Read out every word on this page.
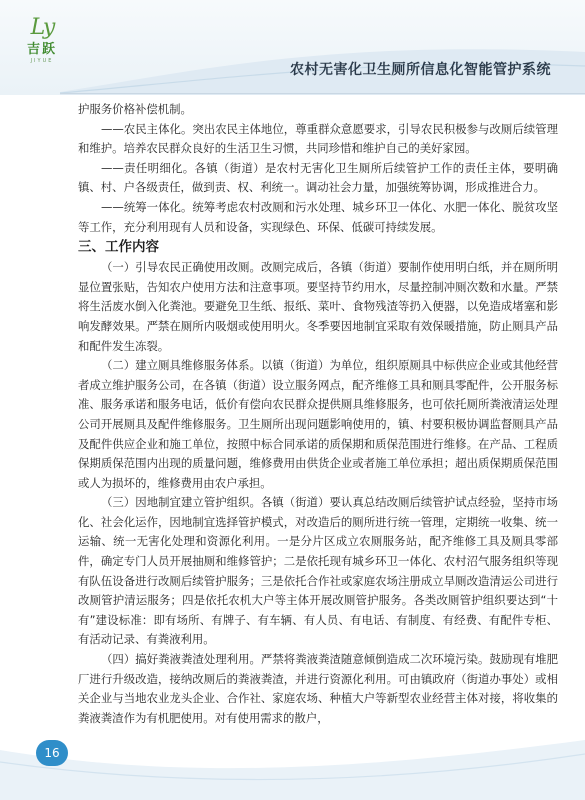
Ly
吉跃
JIYUE
农村无害化卫生厕所信息化智能管护系统

护服务价格补偿机制。

——农民主体化。突出农民主体地位，尊重群众意愿要求，引导农民积极参与改厕后续管理和维护。培养农民群众良好的生活卫生习惯，共同珍惜和维护自己的美好家园。

——责任明细化。各镇（街道）是农村无害化卫生厕所后续管护工作的责任主体，要明确镇、村、户各级责任，做到责、权、利统一。调动社会力量，加强统筹协调，形成推进合力。

——统筹一体化。统筹考虑农村改厕和污水处理、城乡环卫一体化、水肥一体化、脱贫攻坚等工作，充分利用现有人员和设备，实现绿色、环保、低碳可持续发展。

三、工作内容

（一）引导农民正确使用改厕。改厕完成后，各镇（街道）要制作使用明白纸，并在厕所明显位置张贴，告知农户使用方法和注意事项。要坚持节约用水，尽量控制冲厕次数和水量。严禁将生活废水倒入化粪池。要避免卫生纸、报纸、菜叶、食物残渣等扔入便器，以免造成堵塞和影响发酵效果。严禁在厕所内吸烟或使用明火。冬季要因地制宜采取有效保暖措施，防止厕具产品和配件发生冻裂。

（二）建立厕具维修服务体系。以镇（街道）为单位，组织原厕具中标供应企业或其他经营者成立维护服务公司，在各镇（街道）设立服务网点，配齐维修工具和厕具零配件，公开服务标准、服务承诺和服务电话，低价有偿向农民群众提供厕具维修服务，也可依托厕所粪液清运处理公司开展厕具及配件维修服务。卫生厕所出现问题影响使用的，镇、村要积极协调监督厕具产品及配件供应企业和施工单位，按照中标合同承诺的质保期和质保范围进行维修。在产品、工程质保期质保范围内出现的质量问题，维修费用由供货企业或者施工单位承担；超出质保期质保范围或人为损坏的，维修费用由农户承担。

（三）因地制宜建立管护组织。各镇（街道）要认真总结改厕后续管护试点经验，坚持市场化、社会化运作，因地制宜选择管护模式，对改造后的厕所进行统一管理，定期统一收集、统一运输、统一无害化处理和资源化利用。一是分片区成立农厕服务站，配齐维修工具及厕具零部件，确定专门人员开展抽厕和维修管护；二是依托现有城乡环卫一体化、农村沼气服务组织等现有队伍设备进行改厕后续管护服务；三是依托合作社或家庭农场注册成立旱厕改造清运公司进行改厕管护清运服务；四是依托农机大户等主体开展改厕管护服务。各类改厕管护组织要达到“十有”建设标准：即有场所、有牌子、有车辆、有人员、有电话、有制度、有经费、有配件专柜、有活动记录、有粪液利用。

（四）搞好粪液粪渣处理利用。严禁将粪液粪渣随意倾倒造成二次环境污染。鼓励现有堆肥厂进行升级改造，接纳改厕后的粪液粪渣，并进行资源化利用。可由镇政府（街道办事处）或相关企业与当地农业龙头企业、合作社、家庭农场、种植大户等新型农业经营主体对接，将收集的粪液粪渣作为有机肥使用。对有使用需求的散户，

16
